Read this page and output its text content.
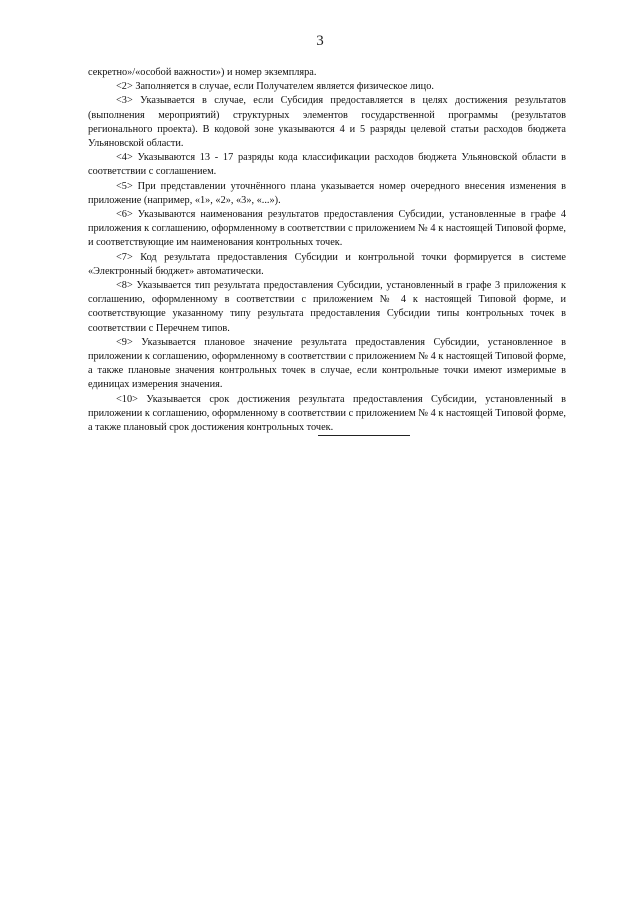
3

секретно»/«особой важности») и номер экземпляра.

<2> Заполняется в случае, если Получателем является физическое лицо.

<3> Указывается в случае, если Субсидия предоставляется в целях достижения результатов (выполнения мероприятий) структурных элементов государственной программы (результатов регионального проекта). В кодовой зоне указываются 4 и 5 разряды целевой статьи расходов бюджета Ульяновской области.

<4> Указываются 13 - 17 разряды кода классификации расходов бюджета Ульяновской области в соответствии с соглашением.

<5> При представлении уточнённого плана указывается номер очередного внесения изменения в приложение (например, «1», «2», «3», «...»).

<6> Указываются наименования результатов предоставления Субсидии, установленные в графе 4 приложения к соглашению, оформленному в соответствии с приложением № 4 к настоящей Типовой форме, и соответствующие им наименования контрольных точек.

<7> Код результата предоставления Субсидии и контрольной точки формируется в системе «Электронный бюджет» автоматически.

<8> Указывается тип результата предоставления Субсидии, установленный в графе 3 приложения к соглашению, оформленному в соответствии с приложением № 4 к настоящей Типовой форме, и соответствующие указанному типу результата предоставления Субсидии типы контрольных точек в соответствии с Перечнем типов.

<9> Указывается плановое значение результата предоставления Субсидии, установленное в приложении к соглашению, оформленному в соответствии с приложением № 4 к настоящей Типовой форме, а также плановые значения контрольных точек в случае, если контрольные точки имеют измеримые в единицах измерения значения.

<10> Указывается срок достижения результата предоставления Субсидии, установленный в приложении к соглашению, оформленному в соответствии с приложением № 4 к настоящей Типовой форме, а также плановый срок достижения контрольных точек.
